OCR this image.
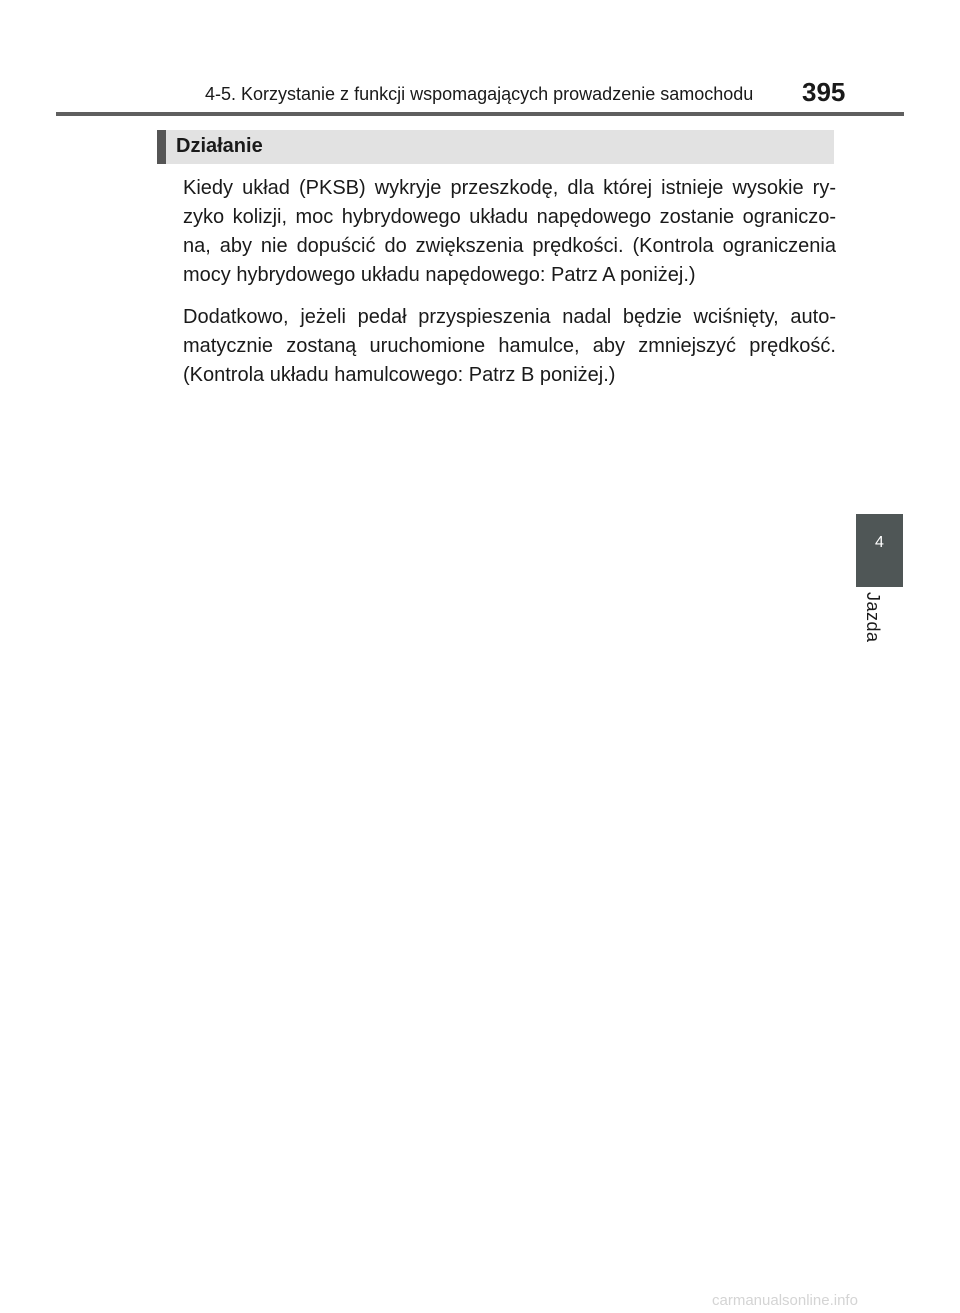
4-5. Korzystanie z funkcji wspomagających prowadzenie samochodu 395
Działanie

Kiedy układ (PKSB) wykryje przeszkodę, dla której istnieje wysokie ryzyko kolizji, moc hybrydowego układu napędowego zostanie ograniczona, aby nie dopuścić do zwiększenia prędkości. (Kontrola ograniczenia mocy hybrydowego układu napędowego: Patrz A poniżej.)

Dodatkowo, jeżeli pedał przyspieszenia nadal będzie wciśnięty, automatycznie zostaną uruchomione hamulce, aby zmniejszyć prędkość. (Kontrola układu hamulcowego: Patrz B poniżej.)

4
Jazda
carmanualsonline.info
